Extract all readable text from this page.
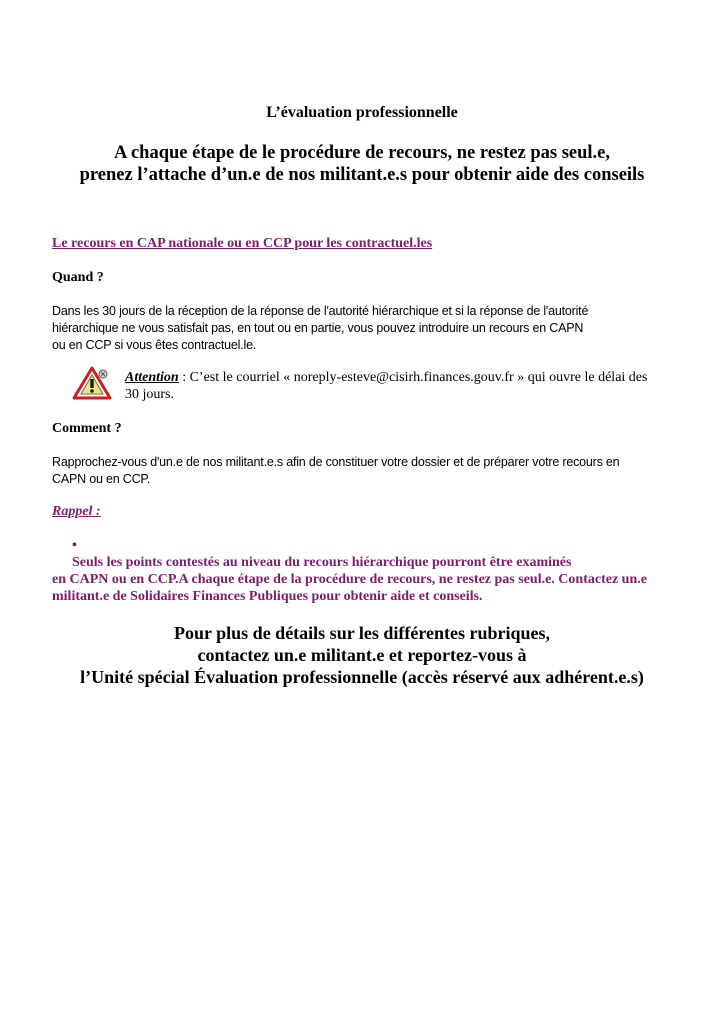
L’évaluation professionnelle
A chaque étape de le procédure de recours, ne restez pas seul.e,
prenez l’attache d’un.e de nos militant.e.s pour obtenir aide des conseils
Le recours en CAP nationale ou en CCP pour les contractuel.les
Quand ?
Dans les 30 jours de la réception de la réponse de l'autorité hiérarchique et si la réponse de l'autorité
hiérarchique ne vous satisfait pas, en tout ou en partie, vous pouvez introduire un recours en CAPN
ou en CCP si vous êtes contractuel.le.
Attention : C’est le courriel « noreply-esteve@cisirh.finances.gouv.fr » qui ouvre le délai des
30 jours.
Comment ?
Rapprochez-vous d'un.e de nos militant.e.s afin de constituer votre dossier et de préparer votre recours en
CAPN ou en CCP.
Rappel :
•
Seuls les points contestés au niveau du recours hiérarchique pourront être examinés
en CAPN ou en CCP.A chaque étape de la procédure de recours, ne restez pas seul.e. Contactez un.e
militant.e de Solidaires Finances Publiques pour obtenir aide et conseils.
Pour plus de détails sur les différentes rubriques,
contactez un.e militant.e et reportez-vous à
l’Unité spécial Évaluation professionnelle (accès réservé aux adhérent.e.s)
